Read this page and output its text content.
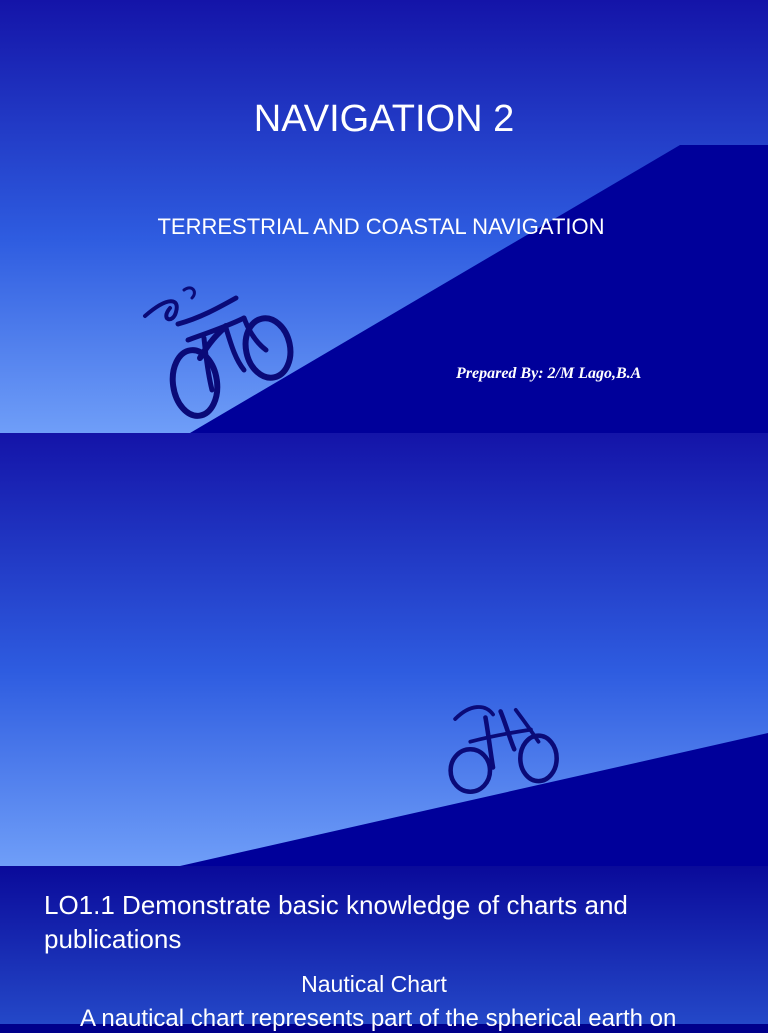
NAVIGATION 2
TERRESTRIAL AND COASTAL NAVIGATION
Prepared By: 2/M Lago,B.A
LO1.1 Demonstrate basic knowledge of charts and publications
Nautical Chart
A nautical chart represents part of the spherical earth on
